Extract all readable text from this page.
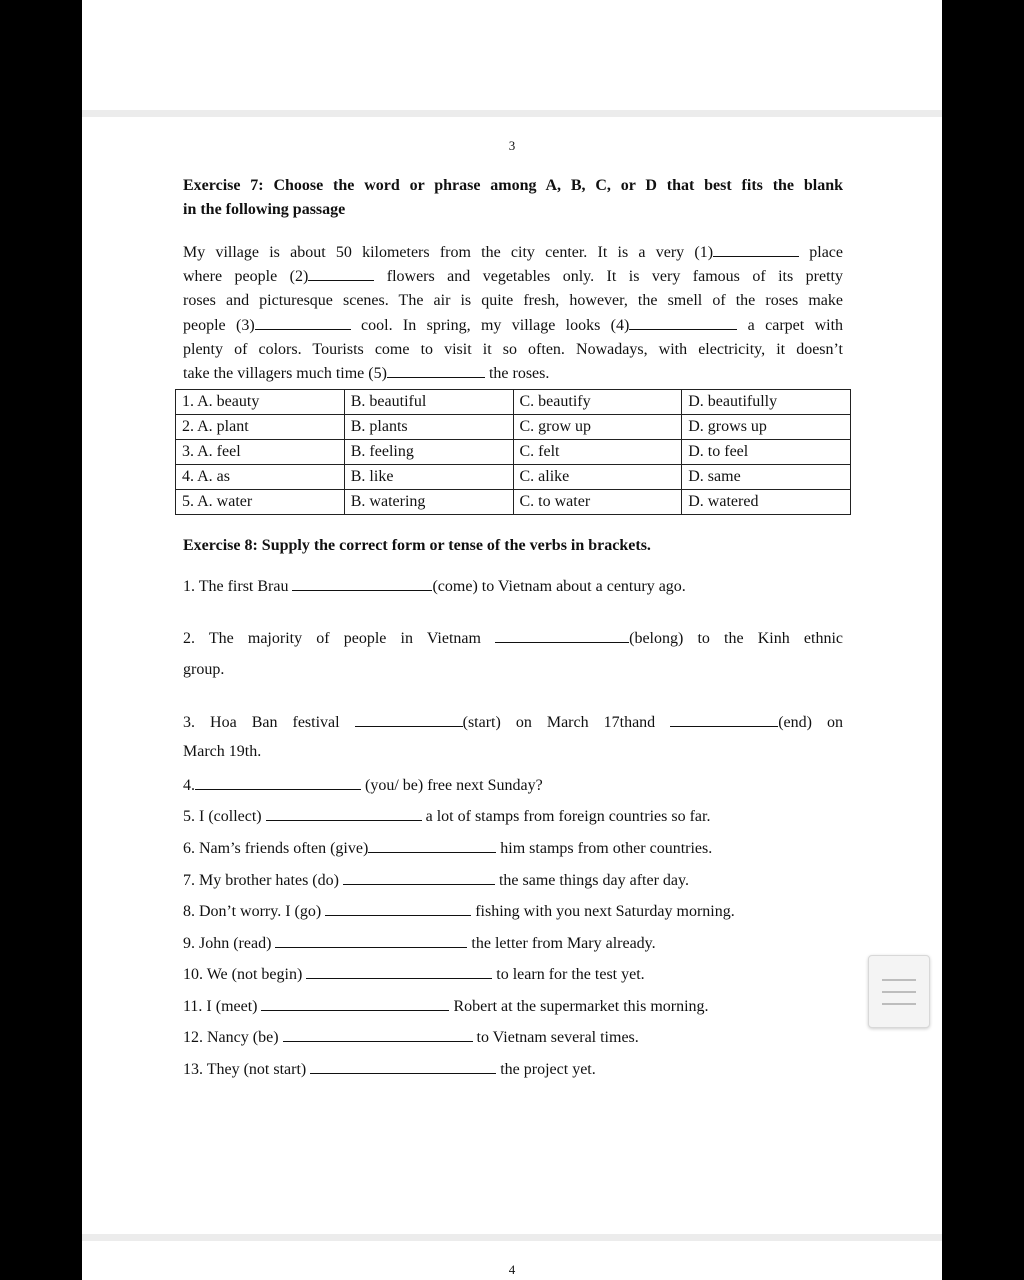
3
4
Exercise 7: Choose the word or phrase among A, B, C, or D that best fits the blank
in the following passage
My village is about 50 kilometers from the city center. It is a very (1)	place
where people (2)	flowers and vegetables only. It is very famous of its pretty
roses and picturesque scenes. The air is quite fresh, however, the smell of the roses make
people (3)	cool. In spring, my village looks (4)	a carpet with
plenty of colors. Tourists come to visit it so often. Nowadays, with electricity, it doesn’t
take the villagers much time (5)	the roses.
1. A. beauty	B. beautiful	C. beautify	D. beautifully
2. A. plant	B. plants	C. grow up	D. grows up
3. A. feel	B. feeling	C. felt	D. to feel
4. A. as	B. like	C. alike	D. same
5. A. water	B. watering	C. to water	D. watered
Exercise 8: Supply the correct form or tense of the verbs in brackets.
1. The first Brau	(come) to Vietnam about a century ago.
2. The majority of people in Vietnam	(belong) to the Kinh ethnic
group.
3. Hoa Ban festival	(start) on March 17thand	(end) on
March 19th.
4.	(you/ be) free next Sunday?
5. I (collect)	a lot of stamps from foreign countries so far.
6. Nam’s friends often (give)	him stamps from other countries.
7. My brother hates (do)	the same things day after day.
8. Don’t worry. I (go)	fishing with you next Saturday morning.
9. John (read)	the letter from Mary already.
10. We (not begin)	to learn for the test yet.
11. I (meet)	Robert at the supermarket this morning.
12. Nancy (be)	to Vietnam several times.
13. They (not start)	the project yet.
